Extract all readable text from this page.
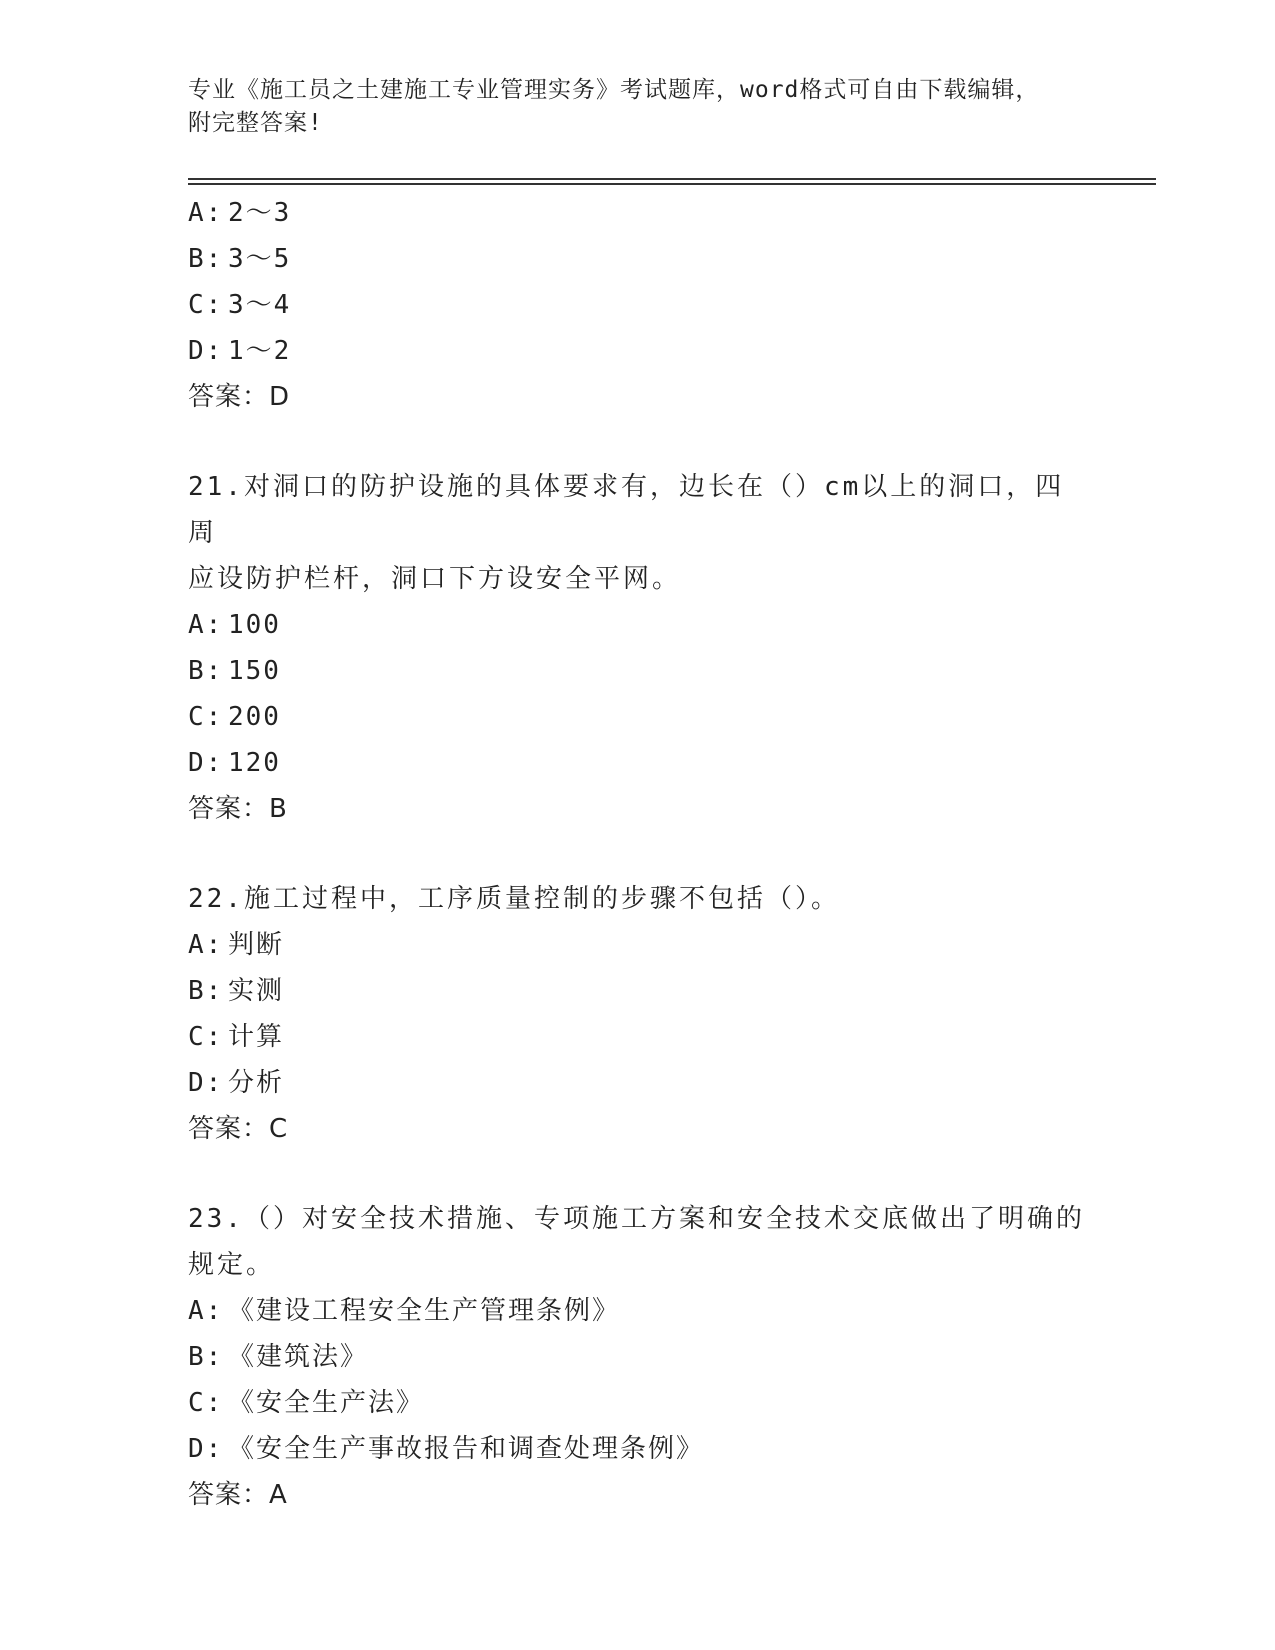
专业《施工员之土建施工专业管理实务》考试题库，word格式可自由下载编辑，
附完整答案!
A: 2～3
B: 3～5
C: 3～4
D: 1～2
答案：D
21.对洞口的防护设施的具体要求有，边长在（）cm以上的洞口，四周
应设防护栏杆，洞口下方设安全平网。
A: 100
B: 150
C: 200
D: 120
答案：B
22.施工过程中，工序质量控制的步骤不包括（）。
A: 判断
B: 实测
C: 计算
D: 分析
答案：C
23.（）对安全技术措施、专项施工方案和安全技术交底做出了明确的
规定。
A: 《建设工程安全生产管理条例》
B: 《建筑法》
C: 《安全生产法》
D: 《安全生产事故报告和调查处理条例》
答案：A
